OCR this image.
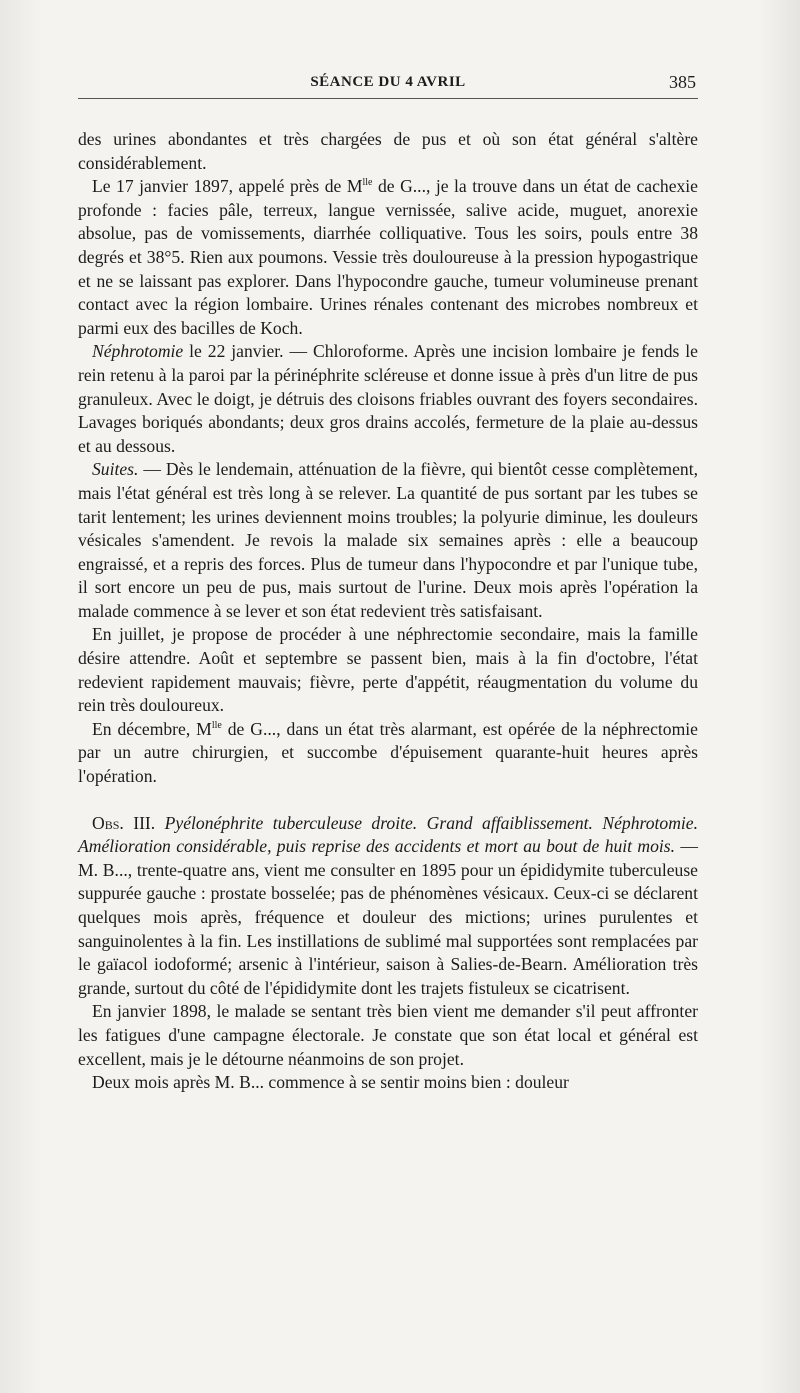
SÉANCE DU 4 AVRIL	385

des urines abondantes et très chargées de pus et où son état général s'altère considérablement.

Le 17 janvier 1897, appelé près de $M^{lle}$ de G..., je la trouve dans un état de cachexie profonde : facies pâle, terreux, langue vernissée, salive acide, muguet, anorexie absolue, pas de vomissements, diarrhée colliquative. Tous les soirs, pouls entre 38 degrés et 38°5. Rien aux poumons. Vessie très douloureuse à la pression hypogastrique et ne se laissant pas explorer. Dans l'hypocondre gauche, tumeur volumineuse prenant contact avec la région lombaire. Urines rénales contenant des microbes nombreux et parmi eux des bacilles de Koch.

Néphrotomie le 22 janvier. — Chloroforme. Après une incision lombaire je fends le rein retenu à la paroi par la périnéphrite scléreuse et donne issue à près d'un litre de pus granuleux. Avec le doigt, je détruis des cloisons friables ouvrant des foyers secondaires. Lavages boriqués abondants; deux gros drains accolés, fermeture de la plaie au-dessus et au dessous.

Suites. — Dès le lendemain, atténuation de la fièvre, qui bientôt cesse complètement, mais l'état général est très long à se relever. La quantité de pus sortant par les tubes se tarit lentement; les urines deviennent moins troubles; la polyurie diminue, les douleurs vésicales s'amendent. Je revois la malade six semaines après : elle a beaucoup engraissé, et a repris des forces. Plus de tumeur dans l'hypocondre et par l'unique tube, il sort encore un peu de pus, mais surtout de l'urine. Deux mois après l'opération la malade commence à se lever et son état redevient très satisfaisant.

En juillet, je propose de procéder à une néphrectomie secondaire, mais la famille désire attendre. Août et septembre se passent bien, mais à la fin d'octobre, l'état redevient rapidement mauvais; fièvre, perte d'appétit, réaugmentation du volume du rein très douloureux.

En décembre, $M^{lle}$ de G..., dans un état très alarmant, est opérée de la néphrectomie par un autre chirurgien, et succombe d'épuisement quarante-huit heures après l'opération.

Obs. III. Pyélonéphrite tuberculeuse droite. Grand affaiblissement. Néphrotomie. Amélioration considérable, puis reprise des accidents et mort au bout de huit mois. — M. B..., trente-quatre ans, vient me consulter en 1895 pour un épididymite tuberculeuse suppurée gauche : prostate bosselée; pas de phénomènes vésicaux. Ceux-ci se déclarent quelques mois après, fréquence et douleur des mictions; urines purulentes et sanguinolentes à la fin. Les instillations de sublimé mal supportées sont remplacées par le gaïacol iodoformé; arsenic à l'intérieur, saison à Salies-de-Bearn. Amélioration très grande, surtout du côté de l'épididymite dont les trajets fistuleux se cicatrisent.

En janvier 1898, le malade se sentant très bien vient me demander s'il peut affronter les fatigues d'une campagne électorale. Je constate que son état local et général est excellent, mais je le détourne néanmoins de son projet.

Deux mois après M. B... commence à se sentir moins bien : douleur
